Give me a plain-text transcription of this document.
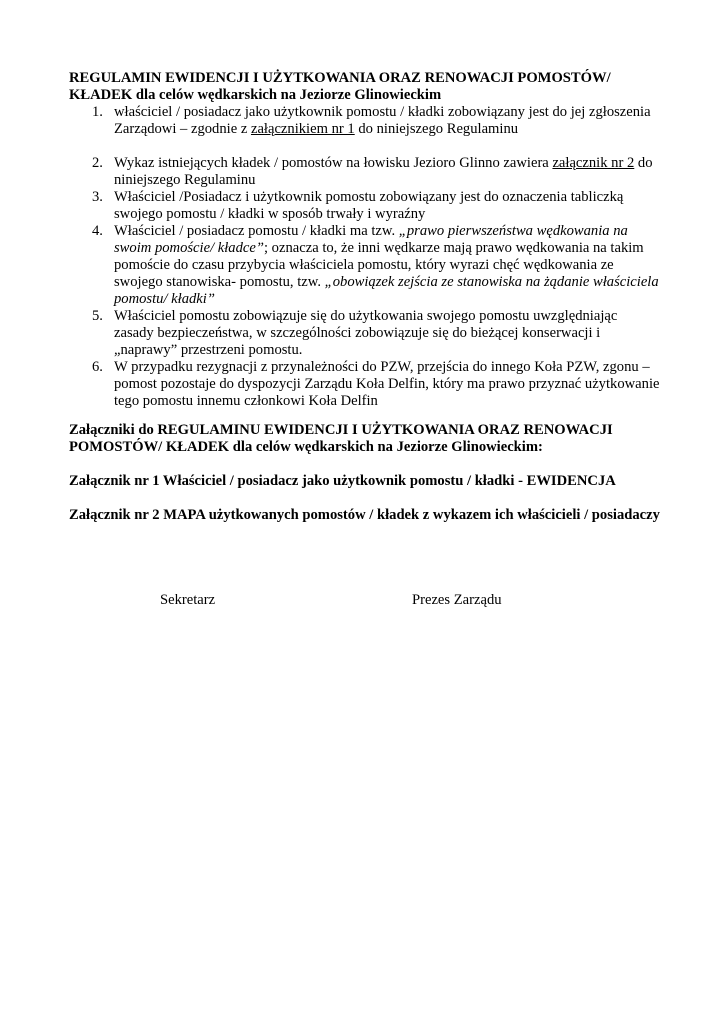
REGULAMIN EWIDENCJI I UŻYTKOWANIA ORAZ RENOWACJI POMOSTÓW/
KŁADEK dla celów wędkarskich na Jeziorze Glinowieckim
1. właściciel / posiadacz jako użytkownik pomostu / kładki zobowiązany jest do jej zgłoszenia Zarządowi – zgodnie z załącznikiem nr 1 do niniejszego Regulaminu
2. Wykaz istniejących kładek / pomostów na łowisku Jezioro Glinno zawiera załącznik nr 2 do niniejszego Regulaminu
3. Właściciel /Posiadacz i użytkownik pomostu zobowiązany jest do oznaczenia tabliczką swojego pomostu / kładki w sposób trwały i wyraźny
4. Właściciel / posiadacz pomostu / kładki ma tzw. „prawo pierwszeństwa wędkowania na swoim pomoście/ kładce”; oznacza to, że inni wędkarze mają prawo wędkowania na takim pomoście do czasu przybycia właściciela pomostu, który wyrazi chęć wędkowania ze swojego stanowiska- pomostu, tzw. „obowiązek zejścia ze stanowiska na żądanie właściciela pomostu/ kładki”
5. Właściciel pomostu zobowiązuje się do użytkowania swojego pomostu uwzględniając zasady bezpieczeństwa, w szczególności zobowiązuje się do bieżącej konserwacji i „naprawy” przestrzeni pomostu.
6. W przypadku rezygnacji z przynależności do PZW, przejścia do innego Koła PZW, zgonu – pomost pozostaje do dyspozycji Zarządu Koła Delfin, który ma prawo przyznać użytkowanie tego pomostu innemu członkowi Koła Delfin
Załączniki do REGULAMINU EWIDENCJI I UŻYTKOWANIA ORAZ RENOWACJI
POMOSTÓW/ KŁADEK dla celów wędkarskich na Jeziorze Glinowieckim:

Załącznik nr 1 Właściciel / posiadacz jako użytkownik pomostu / kładki - EWIDENCJA

Załącznik nr 2 MAPA użytkowanych pomostów / kładek z wykazem ich właścicieli / posiadaczy

Sekretarz	Prezes Zarządu
